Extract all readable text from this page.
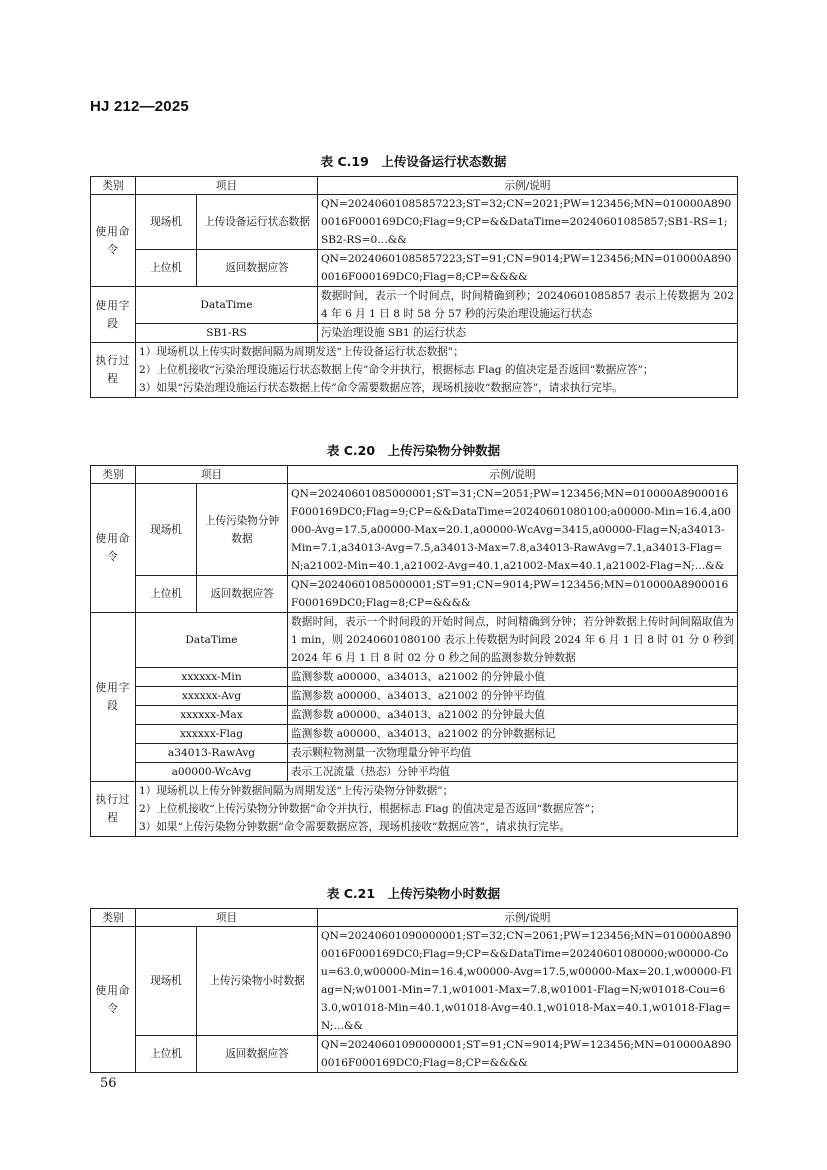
HJ 212—2025
表 C.19　上传设备运行状态数据
类别	项目		示例/说明
使用命令	现场机	上传设备运行状态数据	QN=20240601085857223;ST=32;CN=2021;PW=123456;MN=010000A8900016F000169DC0;Flag=9;CP=&&DataTime=20240601085857;SB1-RS=1;SB2-RS=0…&&
	上位机	返回数据应答	QN=20240601085857223;ST=91;CN=9014;PW=123456;MN=010000A8900016F000169DC0;Flag=8;CP=&&&&
使用字段	DataTime		数据时间，表示一个时间点，时间精确到秒；20240601085857 表示上传数据为 2024 年 6 月 1 日 8 时 58 分 57 秒的污染治理设施运行状态
	SB1-RS		污染治理设施 SB1 的运行状态
执行过程	1）现场机以上传实时数据间隔为周期发送“上传设备运行状态数据”；
2）上位机接收“污染治理设施运行状态数据上传”命令并执行，根据标志 Flag 的值决定是否返回“数据应答”；
3）如果“污染治理设施运行状态数据上传”命令需要数据应答，现场机接收“数据应答”，请求执行完毕。		
表 C.20　上传污染物分钟数据
类别	项目		示例/说明
使用命令	现场机	上传污染物分钟数据	QN=20240601085000001;ST=31;CN=2051;PW=123456;MN=010000A8900016F000169DC0;Flag=9;CP=&&DataTime=20240601080100;a00000-Min=16.4,a00000-Avg=17.5,a00000-Max=20.1,a00000-WcAvg=3415,a00000-Flag=N;a34013-Min=7.1,a34013-Avg=7.5,a34013-Max=7.8,a34013-RawAvg=7.1,a34013-Flag=N;a21002-Min=40.1,a21002-Avg=40.1,a21002-Max=40.1,a21002-Flag=N;…&&
	上位机	返回数据应答	QN=20240601085000001;ST=91;CN=9014;PW=123456;MN=010000A8900016F000169DC0;Flag=8;CP=&&&&
使用字段	DataTime		数据时间，表示一个时间段的开始时间点，时间精确到分钟；若分钟数据上传时间间隔取值为 1 min，则 20240601080100 表示上传数据为时间段 2024 年 6 月 1 日 8 时 01 分 0 秒到 2024 年 6 月 1 日 8 时 02 分 0 秒之间的监测参数分钟数据
	xxxxxx-Min		监测参数 a00000、a34013、a21002 的分钟最小值
	xxxxxx-Avg		监测参数 a00000、a34013、a21002 的分钟平均值
	xxxxxx-Max		监测参数 a00000、a34013、a21002 的分钟最大值
	xxxxxx-Flag		监测参数 a00000、a34013、a21002 的分钟数据标记
	a34013-RawAvg		表示颗粒物测量一次物理量分钟平均值
	a00000-WcAvg		表示工况流量（热态）分钟平均值
执行过程	1）现场机以上传分钟数据间隔为周期发送“上传污染物分钟数据”；
2）上位机接收“上传污染物分钟数据”命令并执行，根据标志 Flag 的值决定是否返回“数据应答”；
3）如果“上传污染物分钟数据”命令需要数据应答，现场机接收“数据应答”，请求执行完毕。		
表 C.21　上传污染物小时数据
类别	项目		示例/说明
使用命令	现场机	上传污染物小时数据	QN=20240601090000001;ST=32;CN=2061;PW=123456;MN=010000A8900016F000169DC0;Flag=9;CP=&&DataTime=20240601080000;w00000-Cou=63.0,w00000-Min=16.4,w00000-Avg=17.5,w00000-Max=20.1,w00000-Flag=N;w01001-Min=7.1,w01001-Max=7.8,w01001-Flag=N;w01018-Cou=63.0,w01018-Min=40.1,w01018-Avg=40.1,w01018-Max=40.1,w01018-Flag=N;…&&
	上位机	返回数据应答	QN=20240601090000001;ST=91;CN=9014;PW=123456;MN=010000A8900016F000169DC0;Flag=8;CP=&&&&
56
